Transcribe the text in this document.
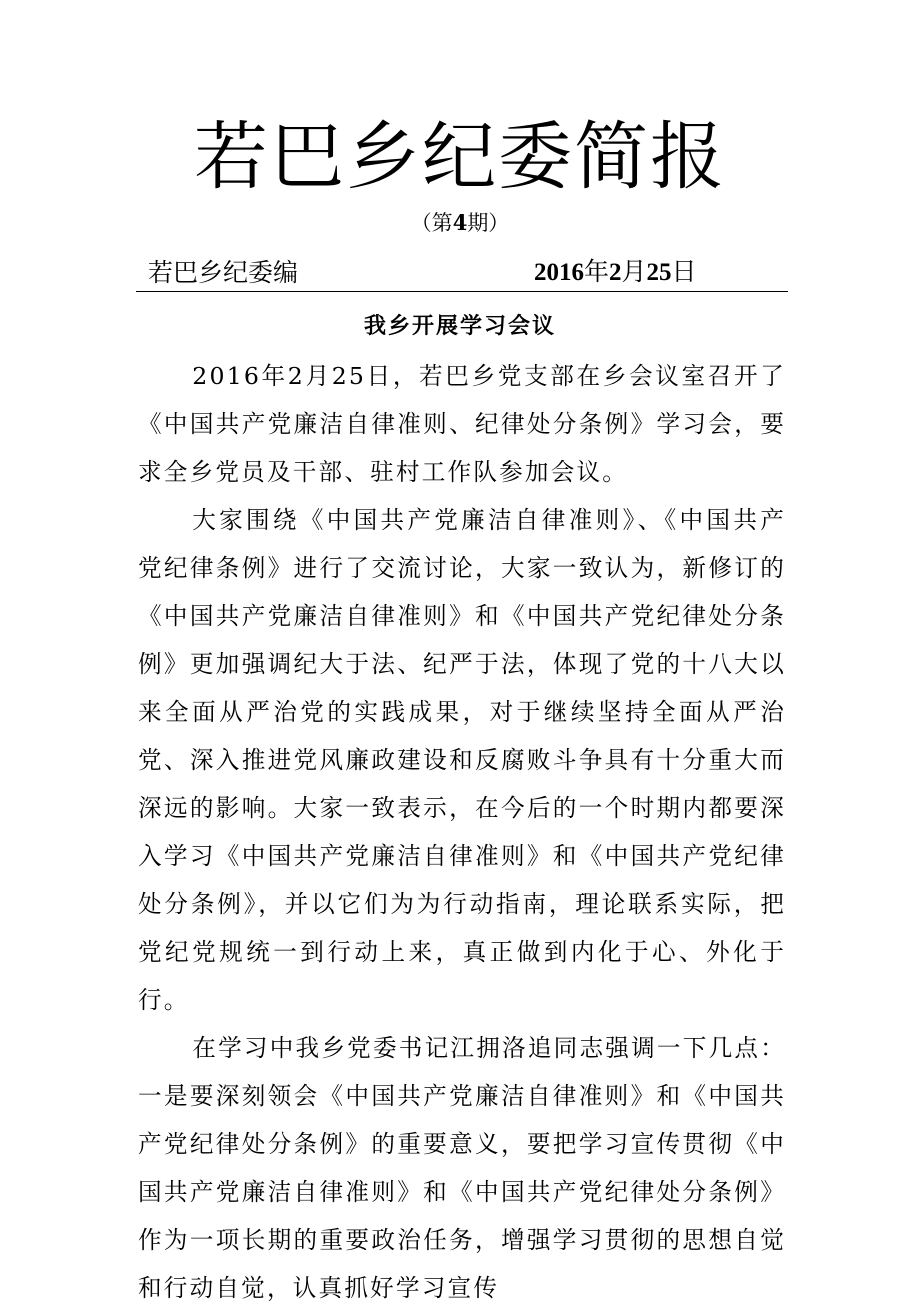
若巴乡纪委简报
（第4期）
若巴乡纪委编	2016年2月25日
我乡开展学习会议

2016年2月25日，若巴乡党支部在乡会议室召开了《中国共产党廉洁自律准则、纪律处分条例》学习会，要求全乡党员及干部、驻村工作队参加会议。

大家围绕《中国共产党廉洁自律准则》、《中国共产党纪律条例》进行了交流讨论，大家一致认为，新修订的《中国共产党廉洁自律准则》和《中国共产党纪律处分条例》更加强调纪大于法、纪严于法，体现了党的十八大以来全面从严治党的实践成果，对于继续坚持全面从严治党、深入推进党风廉政建设和反腐败斗争具有十分重大而深远的影响。大家一致表示，在今后的一个时期内都要深入学习《中国共产党廉洁自律准则》和《中国共产党纪律处分条例》，并以它们为为行动指南，理论联系实际，把党纪党规统一到行动上来，真正做到内化于心、外化于行。

在学习中我乡党委书记江拥洛追同志强调一下几点：一是要深刻领会《中国共产党廉洁自律准则》和《中国共产党纪律处分条例》的重要意义，要把学习宣传贯彻《中国共产党廉洁自律准则》和《中国共产党纪律处分条例》作为一项长期的重要政治任务，增强学习贯彻的思想自觉和行动自觉，认真抓好学习宣传
